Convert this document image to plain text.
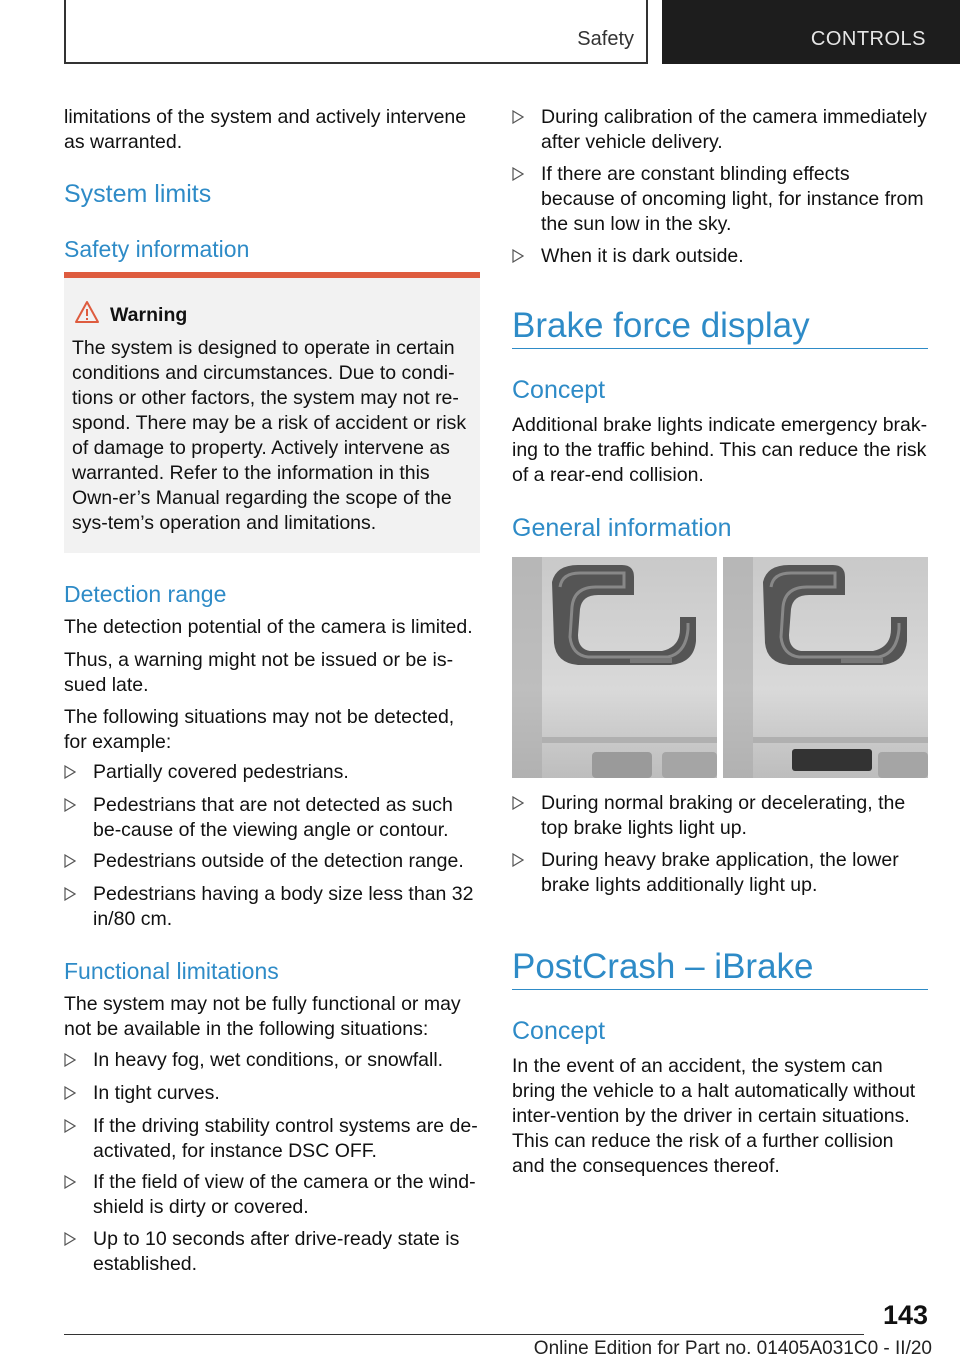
Safety	CONTROLS
limitations of the system and actively intervene as warranted.
System limits
Safety information
Warning
The system is designed to operate in certain conditions and circumstances. Due to condi-tions or other factors, the system may not re-spond. There may be a risk of accident or risk of damage to property. Actively intervene as warranted. Refer to the information in this Own-er’s Manual regarding the scope of the sys-tem’s operation and limitations.
Detection range
The detection potential of the camera is limited.
Thus, a warning might not be issued or be is-sued late.
The following situations may not be detected, for example:
Partially covered pedestrians.
Pedestrians that are not detected as such be-cause of the viewing angle or contour.
Pedestrians outside of the detection range.
Pedestrians having a body size less than 32 in/80 cm.
Functional limitations
The system may not be fully functional or may not be available in the following situations:
In heavy fog, wet conditions, or snowfall.
In tight curves.
If the driving stability control systems are de-activated, for instance DSC OFF.
If the field of view of the camera or the wind-shield is dirty or covered.
Up to 10 seconds after drive-ready state is established.
During calibration of the camera immediately after vehicle delivery.
If there are constant blinding effects because of oncoming light, for instance from the sun low in the sky.
When it is dark outside.
Brake force display
Concept
Additional brake lights indicate emergency brak-ing to the traffic behind. This can reduce the risk of a rear-end collision.
General information
During normal braking or decelerating, the top brake lights light up.
During heavy brake application, the lower brake lights additionally light up.
PostCrash – iBrake
Concept
In the event of an accident, the system can bring the vehicle to a halt automatically without inter-vention by the driver in certain situations. This can reduce the risk of a further collision and the consequences thereof.
143
Online Edition for Part no. 01405A031C0 - II/20
